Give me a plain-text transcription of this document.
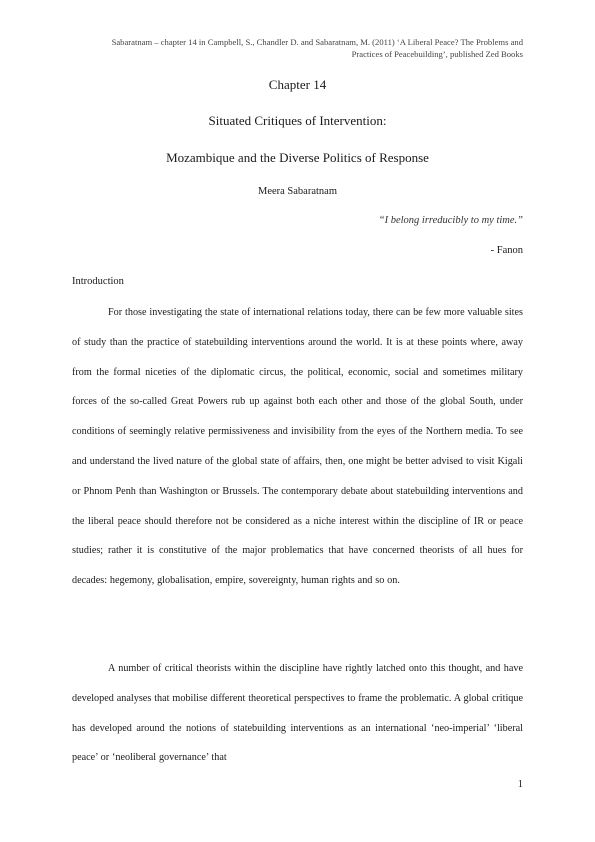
Sabaratnam – chapter 14 in Campbell, S., Chandler D. and Sabaratnam, M. (2011) ‘A Liberal Peace? The Problems and
Practices of Peacebuilding’, published Zed Books
Chapter 14
Situated Critiques of Intervention:
Mozambique and the Diverse Politics of Response
Meera Sabaratnam
“I belong irreducibly to my time.”
- Fanon
Introduction

For those investigating the state of international relations today, there can be few more valuable sites of study than the practice of statebuilding interventions around the world. It is at these points where, away from the formal niceties of the diplomatic circus, the political, economic, social and sometimes military forces of the so-called Great Powers rub up against both each other and those of the global South, under conditions of seemingly relative permissiveness and invisibility from the eyes of the Northern media. To see and understand the lived nature of the global state of affairs, then, one might be better advised to visit Kigali or Phnom Penh than Washington or Brussels. The contemporary debate about statebuilding interventions and the liberal peace should therefore not be considered as a niche interest within the discipline of IR or peace studies; rather it is constitutive of the major problematics that have concerned theorists of all hues for decades: hegemony, globalisation, empire, sovereignty, human rights and so on.

A number of critical theorists within the discipline have rightly latched onto this thought, and have developed analyses that mobilise different theoretical perspectives to frame the problematic. A global critique has developed around the notions of statebuilding interventions as an international ‘neo-imperial’ ‘liberal peace’ or ‘neoliberal governance’ that

1
